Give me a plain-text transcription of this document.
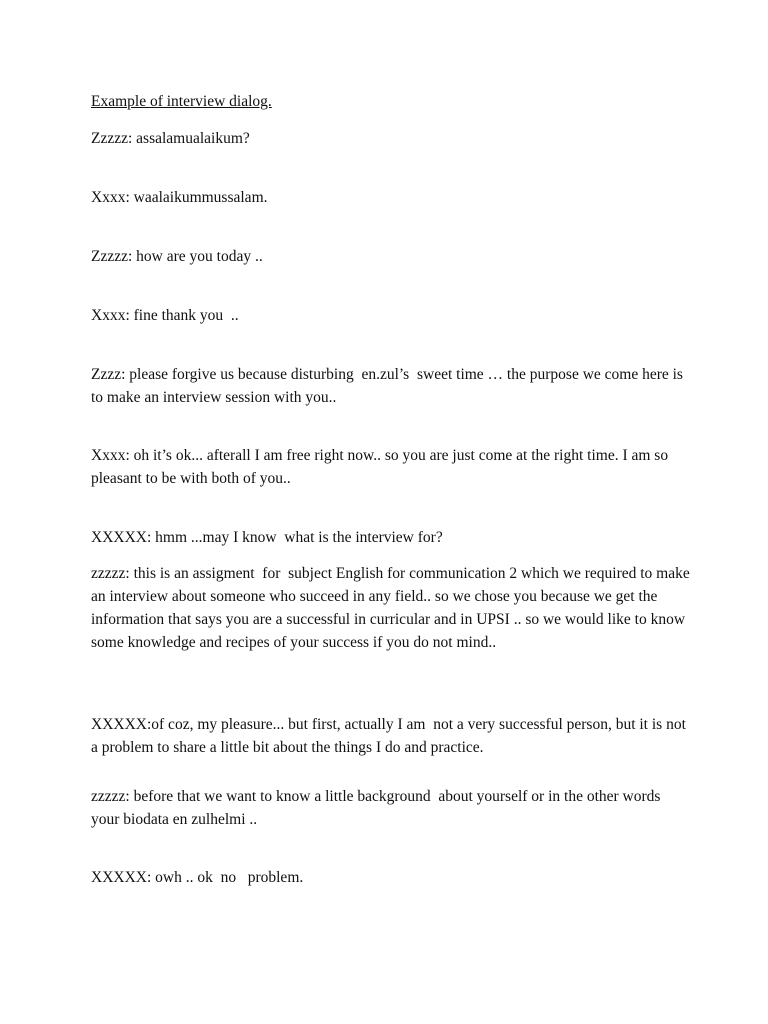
Example of interview dialog.

Zzzzz: assalamualaikum?

Xxxx: waalaikummussalam.

Zzzzz: how are you today ..

Xxxx: fine thank you  ..

Zzzz: please forgive us because disturbing  en.zul’s  sweet time … the purpose we come here is to make an interview session with you..

Xxxx: oh it’s ok... afterall I am free right now.. so you are just come at the right time. I am so pleasant to be with both of you..

XXXXX: hmm ...may I know  what is the interview for?

zzzzz: this is an assigment  for  subject English for communication 2 which we required to make an interview about someone who succeed in any field.. so we chose you because we get the information that says you are a successful in curricular and in UPSI .. so we would like to know some knowledge and recipes of your success if you do not mind..

XXXXX:of coz, my pleasure... but first, actually I am  not a very successful person, but it is not a problem to share a little bit about the things I do and practice.

zzzzz: before that we want to know a little background  about yourself or in the other words your biodata en zulhelmi ..

XXXXX: owh .. ok  no   problem.
